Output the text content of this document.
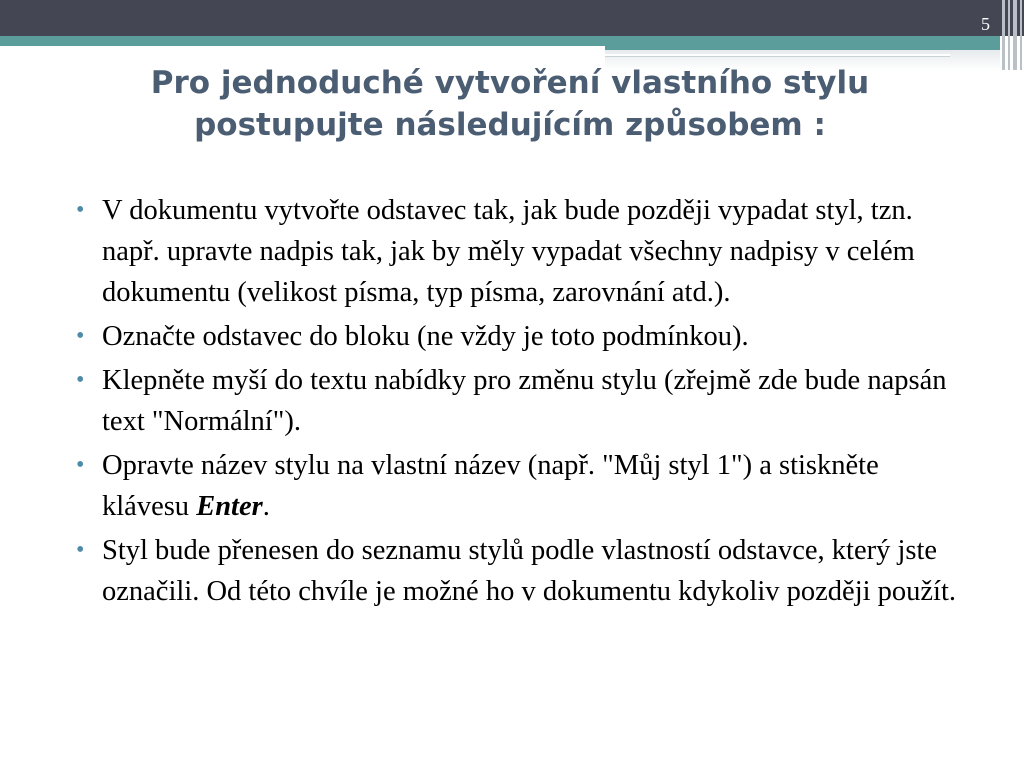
5
Pro jednoduché vytvoření vlastního stylu
postupujte následujícím způsobem :
• V dokumentu vytvořte odstavec tak, jak bude později vypadat styl, tzn. např. upravte nadpis tak, jak by měly vypadat všechny nadpisy v celém dokumentu (velikost písma, typ písma, zarovnání atd.).
• Označte odstavec do bloku (ne vždy je toto podmínkou).
• Klepněte myší do textu nabídky pro změnu stylu (zřejmě zde bude napsán text "Normální").
• Opravte název stylu na vlastní název (např. "Můj styl 1") a stiskněte klávesu Enter.
• Styl bude přenesen do seznamu stylů podle vlastností odstavce, který jste označili. Od této chvíle je možné ho v dokumentu kdykoliv později použít.
